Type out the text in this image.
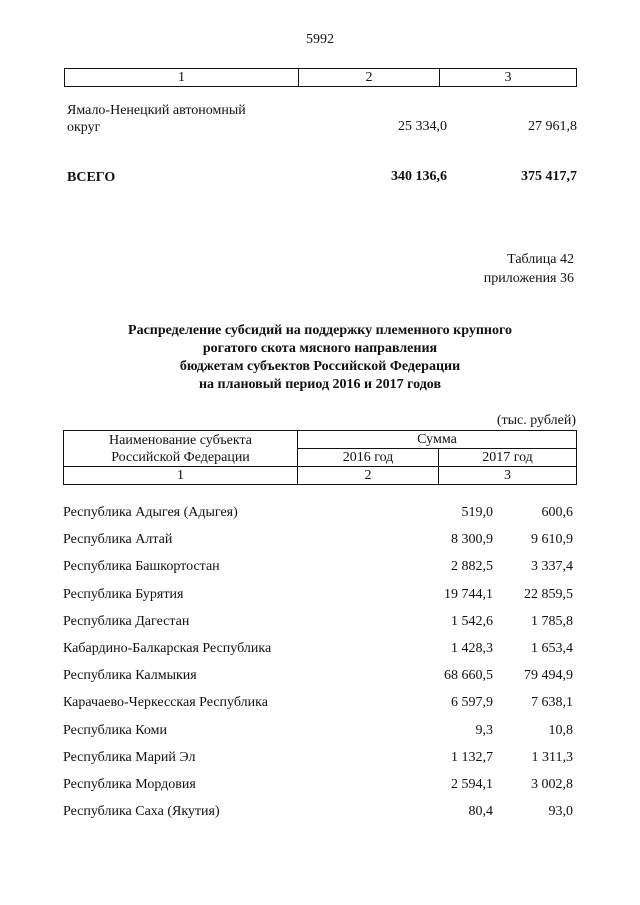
5992
1	2	3
Ямало-Ненецкий автономный
округ	25 334,0	27 961,8
ВСЕГО	340 136,6	375 417,7
Таблица 42
приложения 36
Распределение субсидий на поддержку племенного крупного
рогатого скота мясного направления
бюджетам субъектов Российской Федерации
на плановый период 2016 и 2017 годов
(тыс. рублей)
Наименование субъекта
Российской Федерации	Сумма	
	2016 год	2017 год
1	2	3
Республика Адыгея (Адыгея)	519,0	600,6
Республика Алтай	8 300,9	9 610,9
Республика Башкортостан	2 882,5	3 337,4
Республика Бурятия	19 744,1	22 859,5
Республика Дагестан	1 542,6	1 785,8
Кабардино-Балкарская Республика	1 428,3	1 653,4
Республика Калмыкия	68 660,5	79 494,9
Карачаево-Черкесская Республика	6 597,9	7 638,1
Республика Коми	9,3	10,8
Республика Марий Эл	1 132,7	1 311,3
Республика Мордовия	2 594,1	3 002,8
Республика Саха (Якутия)	80,4	93,0
